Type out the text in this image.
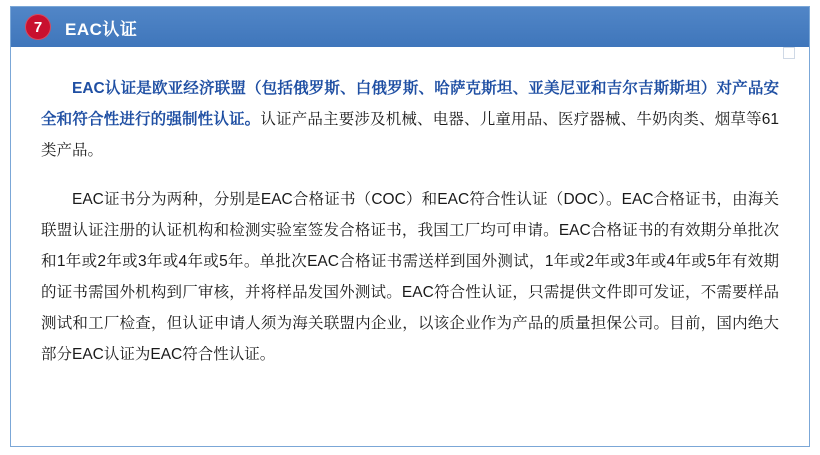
7	EAC认证

EAC认证是欧亚经济联盟（包括俄罗斯、白俄罗斯、哈萨克斯坦、亚美尼亚和吉尔吉斯斯坦）对产品安全和符合性进行的强制性认证。认证产品主要涉及机械、电器、儿童用品、医疗器械、牛奶肉类、烟草等61类产品。

EAC证书分为两种，分别是EAC合格证书（COC）和EAC符合性认证（DOC）。EAC合格证书，由海关联盟认证注册的认证机构和检测实验室签发合格证书，我国工厂均可申请。EAC合格证书的有效期分单批次和1年或2年或3年或4年或5年。单批次EAC合格证书需送样到国外测试，1年或2年或3年或4年或5年有效期的证书需国外机构到厂审核，并将样品发国外测试。EAC符合性认证，只需提供文件即可发证，不需要样品测试和工厂检查，但认证申请人须为海关联盟内企业，以该企业作为产品的质量担保公司。目前，国内绝大部分EAC认证为EAC符合性认证。
